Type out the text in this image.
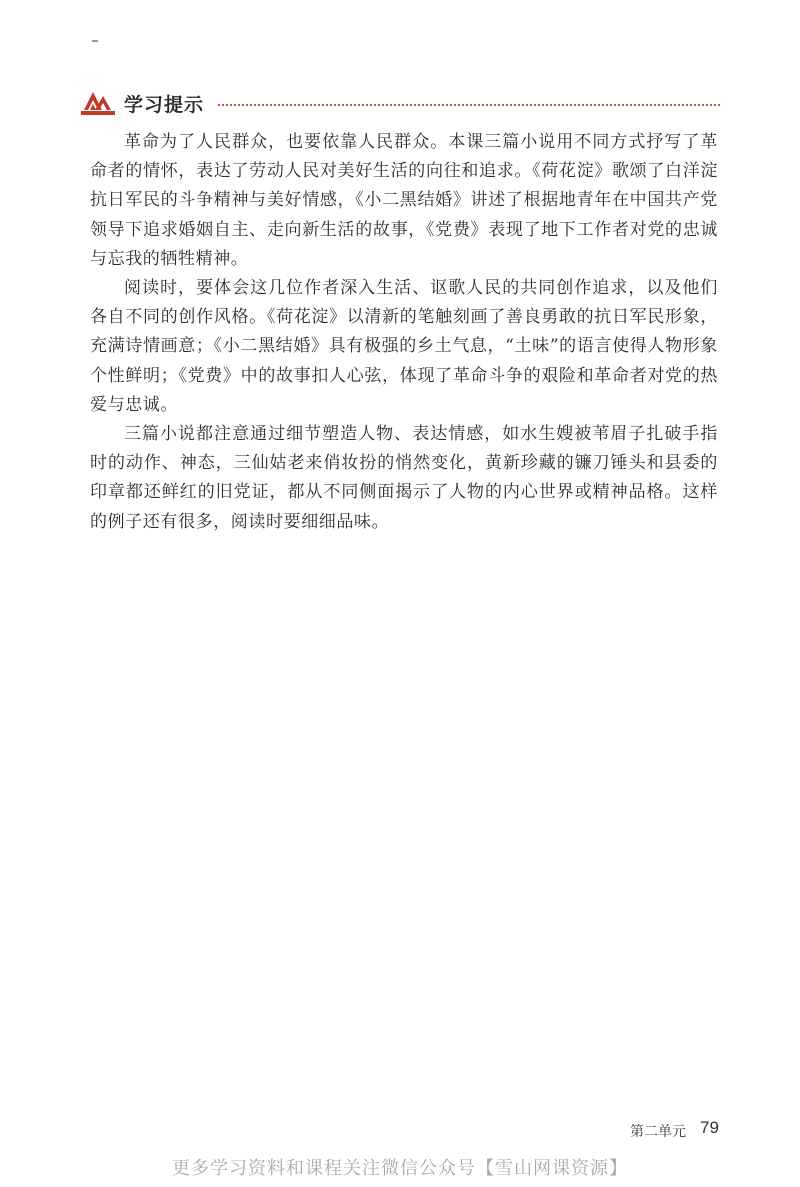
学习提示

革命为了人民群众，也要依靠人民群众。本课三篇小说用不同方式抒写了革命者的情怀，表达了劳动人民对美好生活的向往和追求。《荷花淀》歌颂了白洋淀抗日军民的斗争精神与美好情感，《小二黑结婚》讲述了根据地青年在中国共产党领导下追求婚姻自主、走向新生活的故事，《党费》表现了地下工作者对党的忠诚与忘我的牺牲精神。

阅读时，要体会这几位作者深入生活、讴歌人民的共同创作追求，以及他们各自不同的创作风格。《荷花淀》以清新的笔触刻画了善良勇敢的抗日军民形象，充满诗情画意；《小二黑结婚》具有极强的乡土气息，“土味”的语言使得人物形象个性鲜明；《党费》中的故事扣人心弦，体现了革命斗争的艰险和革命者对党的热爱与忠诚。

三篇小说都注意通过细节塑造人物、表达情感，如水生嫂被苇眉子扎破手指时的动作、神态，三仙姑老来俏妆扮的悄然变化，黄新珍藏的镰刀锤头和县委的印章都还鲜红的旧党证，都从不同侧面揭示了人物的内心世界或精神品格。这样的例子还有很多，阅读时要细细品味。

第二单元 79
更多学习资料和课程关注微信公众号【雪山网课资源】
